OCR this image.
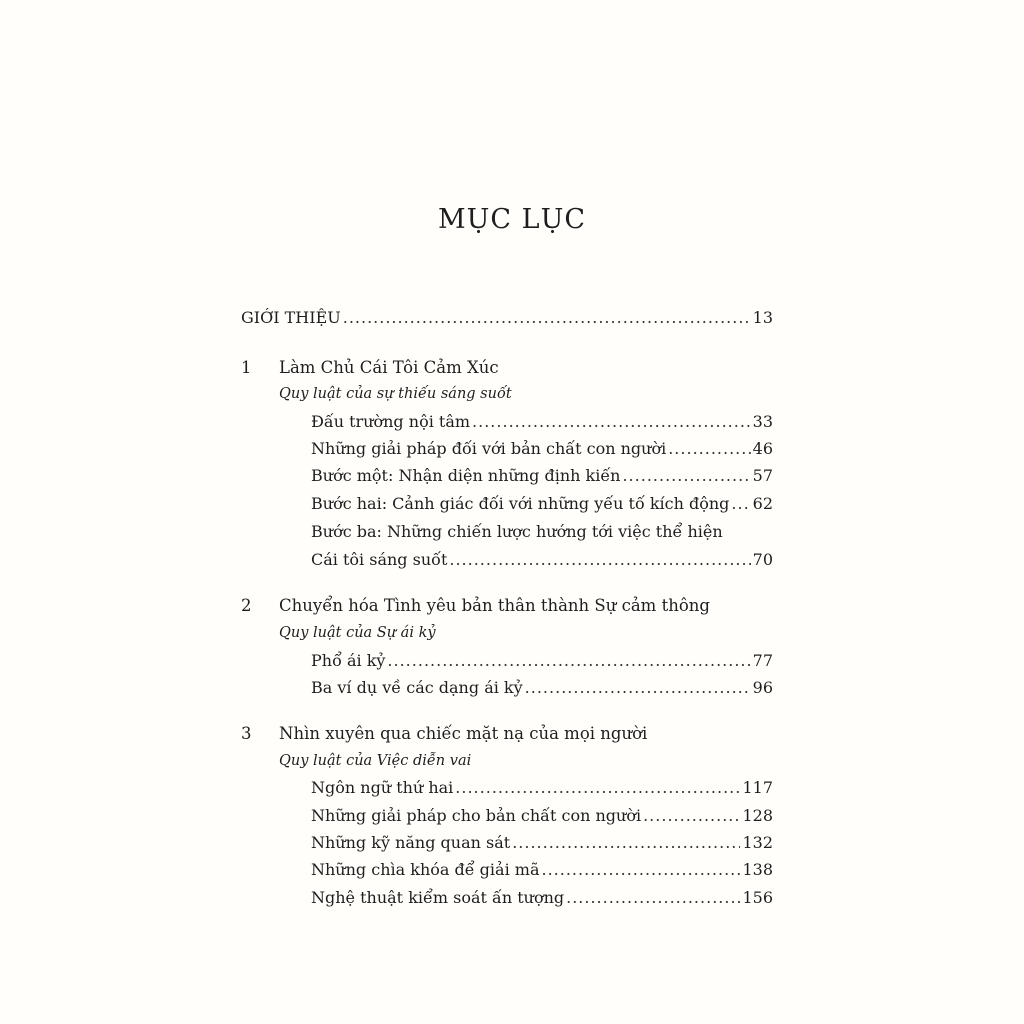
MỤC LỤC
GIỚI THIỆU .....	13
1 Làm Chủ Cái Tôi Cảm Xúc
Quy luật của sự thiếu sáng suốt
Đấu trường nội tâm .....	33
Những giải pháp đối với bản chất con người .....	46
Bước một: Nhận diện những định kiến .....	57
Bước hai: Cảnh giác đối với những yếu tố kích động ..... 62
Bước ba: Những chiến lược hướng tới việc thể hiện
Cái tôi sáng suốt .....	70
2 Chuyển hóa Tình yêu bản thân thành Sự cảm thông
Quy luật của Sự ái kỷ
Phổ ái kỷ .....	77
Ba ví dụ về các dạng ái kỷ .....	96
3 Nhìn xuyên qua chiếc mặt nạ của mọi người
Quy luật của Việc diễn vai
Ngôn ngữ thứ hai .....	117
Những giải pháp cho bản chất con người .....	128
Những kỹ năng quan sát .....	132
Những chìa khóa để giải mã .....	138
Nghệ thuật kiểm soát ấn tượng .....	156
